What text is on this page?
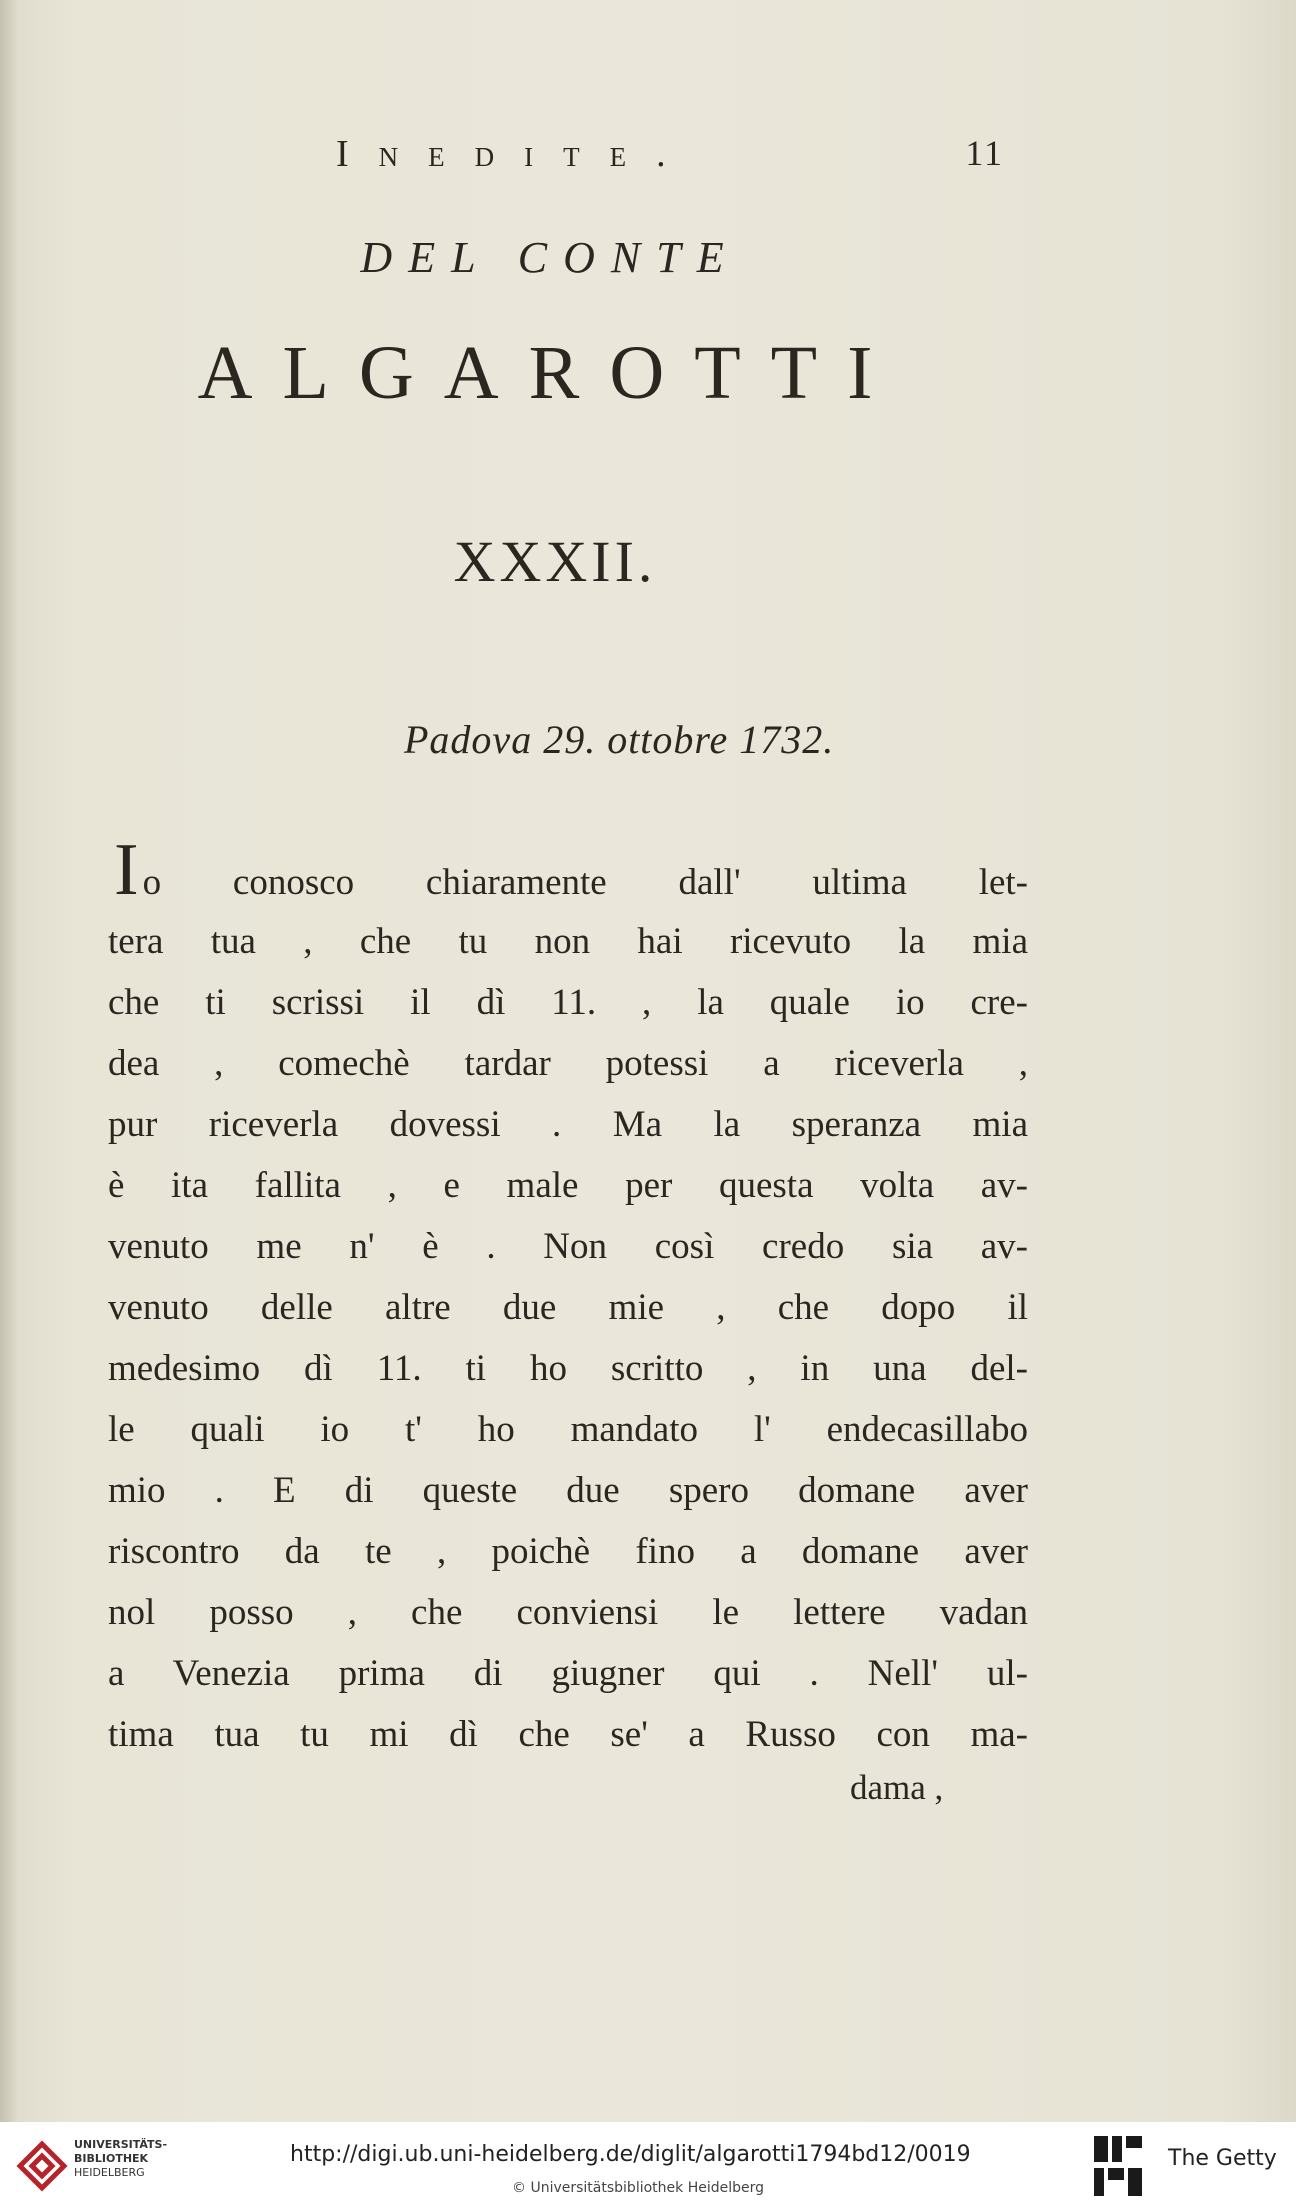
Inedite.	11
DEL CONTE
ALGAROTTI
XXXII.
Padova 29. ottobre 1732.
Io conosco chiaramente dall' ultima let-
tera tua , che tu non hai ricevuto la mia
che ti scrissi il dì 11. , la quale io cre-
dea , comechè tardar potessi a riceverla ,
pur riceverla dovessi . Ma la speranza mia
è ita fallita , e male per questa volta av-
venuto me n' è . Non così credo sia av-
venuto delle altre due mie , che dopo il
medesimo dì 11. ti ho scritto , in una del-
le quali io t' ho mandato l' endecasillabo
mio . E di queste due spero domane aver
riscontro da te , poichè fino a domane aver
nol posso , che conviensi le lettere vadan
a Venezia prima di giugner qui . Nell' ul-
tima tua tu mi dì che se' a Russo con ma-
dama ,
UNIVERSITÄTS-
BIBLIOTHEK
HEIDELBERG
http://digi.ub.uni-heidelberg.de/diglit/algarotti1794bd12/0019
© Universitätsbibliothek Heidelberg
The Getty
